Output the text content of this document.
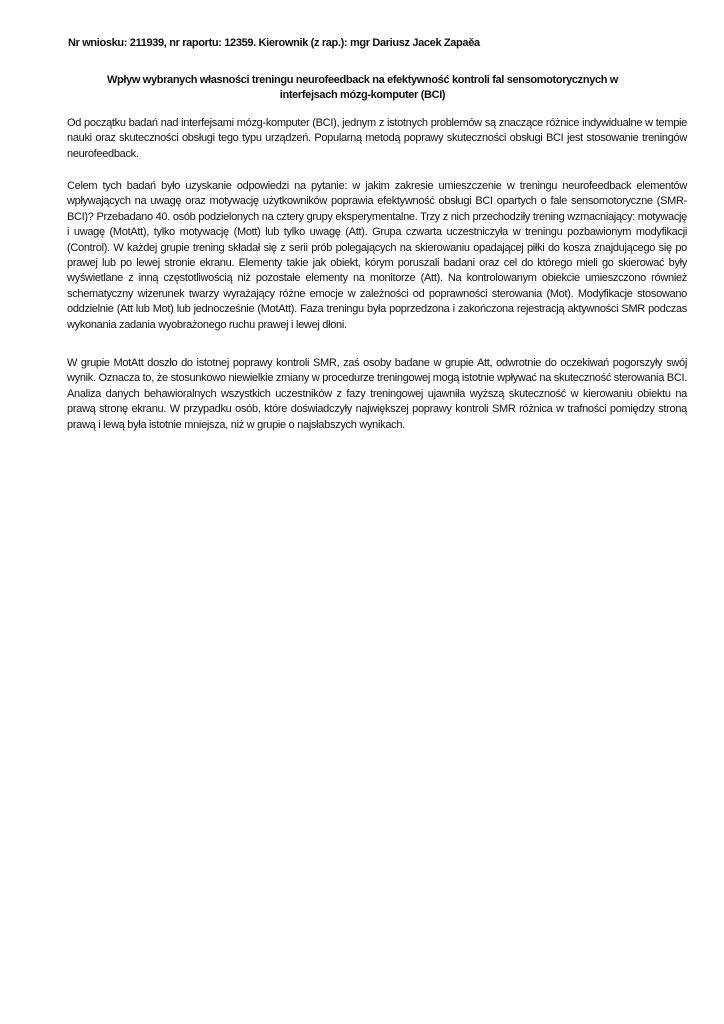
Nr wniosku: 211939, nr raportu: 12359. Kierownik (z rap.): mgr Dariusz Jacek Zapaěa
Wpływ wybranych własności treningu neurofeedback na efektywność kontroli fal sensomotorycznych w interfejsach mózg-komputer (BCI)

Od początku badań nad interfejsami mózg-komputer (BCI), jednym z istotnych problemów są znaczące różnice indywidualne w tempie nauki oraz skuteczności obsługi tego typu urządzeń. Popularną metodą poprawy skuteczności obsługi BCI jest stosowanie treningów neurofeedback.

Celem tych badań było uzyskanie odpowiedzi na pytanie: w jakim zakresie umieszczenie w treningu neurofeedback elementów wpływających na uwagę oraz motywację użytkowników poprawia efektywność obsługi BCI opartych o fale sensomotoryczne (SMR-BCI)? Przebadano 40. osób podzielonych na cztery grupy eksperymentalne. Trzy z nich przechodziły trening wzmacniający: motywację i uwagę (MotAtt), tylko motywację (Mott) lub tylko uwagę (Att). Grupa czwarta uczestniczyła w treningu pozbawionym modyfikacji (Control). W każdej grupie trening składał się z serii prób polegających na skierowaniu opadającej piłki do kosza znajdującego się po prawej lub po lewej stronie ekranu. Elementy takie jak obiekt, kórym poruszali badani oraz cel do którego mieli go skierować były wyświetlane z inną częstotliwością niż pozostałe elementy na monitorze (Att). Na kontrolowanym obiekcie umieszczono również schematyczny wizerunek twarzy wyrażający różne emocje w zależności od poprawności sterowania (Mot). Modyfikacje stosowano oddzielnie (Att lub Mot) lub jednocześnie (MotAtt). Faza treningu była poprzedzona i zakończona rejestracją aktywności SMR podczas wykonania zadania wyobrażonego ruchu prawej i lewej dłoni.

W grupie MotAtt doszło do istotnej poprawy kontroli SMR, zaś osoby badane w grupie Att, odwrotnie do oczekiwań pogorszyły swój wynik. Oznacza to, że stosunkowo niewielkie zmiany w procedurze treningowej mogą istotnie wpływać na skuteczność sterowania BCI. Analiza danych behawioralnych wszystkich uczestników z fazy treningowej ujawniła wyższą skuteczność w kierowaniu obiektu na prawą stronę ekranu. W przypadku osób, które doświadczyły największej poprawy kontroli SMR różnica w trafności pomiędzy stroną prawą i lewą była istotnie mniejsza, niż w grupie o najsłabszych wynikach.
